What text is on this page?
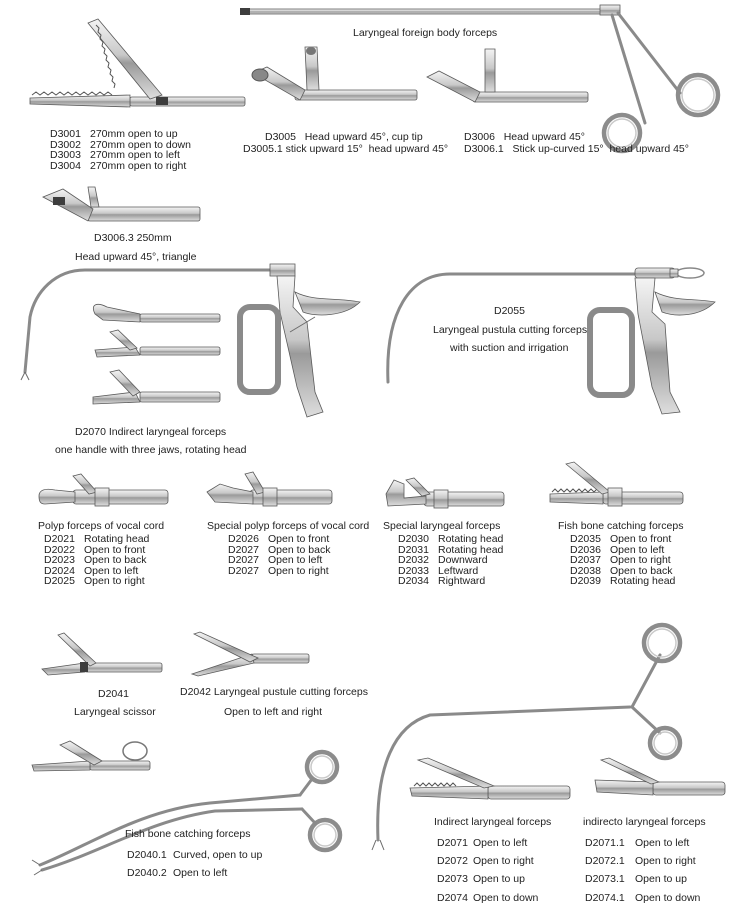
D3001 270mm open to up
D3002 270mm open to down
D3003 270mm open to left
D3004 270mm open to right
Laryngeal foreign body forceps
D3005   Head upward 45°, cup tip
D3005.1 stick upward 15°  head upward 45°
D3006   Head upward 45°
D3006.1   Stick up-curved 15°  head upward 45°
D3006.3 250mm
Head upward 45°, triangle
D2070 Indirect laryngeal forceps
one handle with three jaws, rotating head
D2055
Laryngeal pustula cutting forceps
with suction and irrigation
Polyp forceps of vocal cord
D2021 Rotating head
D2022 Open to front
D2023 Open to back
D2024 Open to left
D2025 Open to right
Special polyp forceps of vocal cord
D2026 Open to front
D2027 Open to back
D2027 Open to left
D2027 Open to right
Special laryngeal forceps
D2030 Rotating head
D2031 Rotating head
D2032 Downward
D2033 Leftward
D2034 Rightward
Fish bone catching forceps
D2035 Open to front
D2036 Open to left
D2037 Open to right
D2038 Open to back
D2039 Rotating head
D2041
Laryngeal scissor
D2042 Laryngeal pustule cutting forceps
Open to left and right
Indirect laryngeal forceps
D2071 Open to left
D2072 Open to right
D2073 Open to up
D2074 Open to down
indirecto laryngeal forceps
D2071.1 Open to left
D2072.1 Open to right
D2073.1 Open to up
D2074.1 Open to down
Fish bone catching forceps
D2040.1 Curved, open to up
D2040.2 Open to left
